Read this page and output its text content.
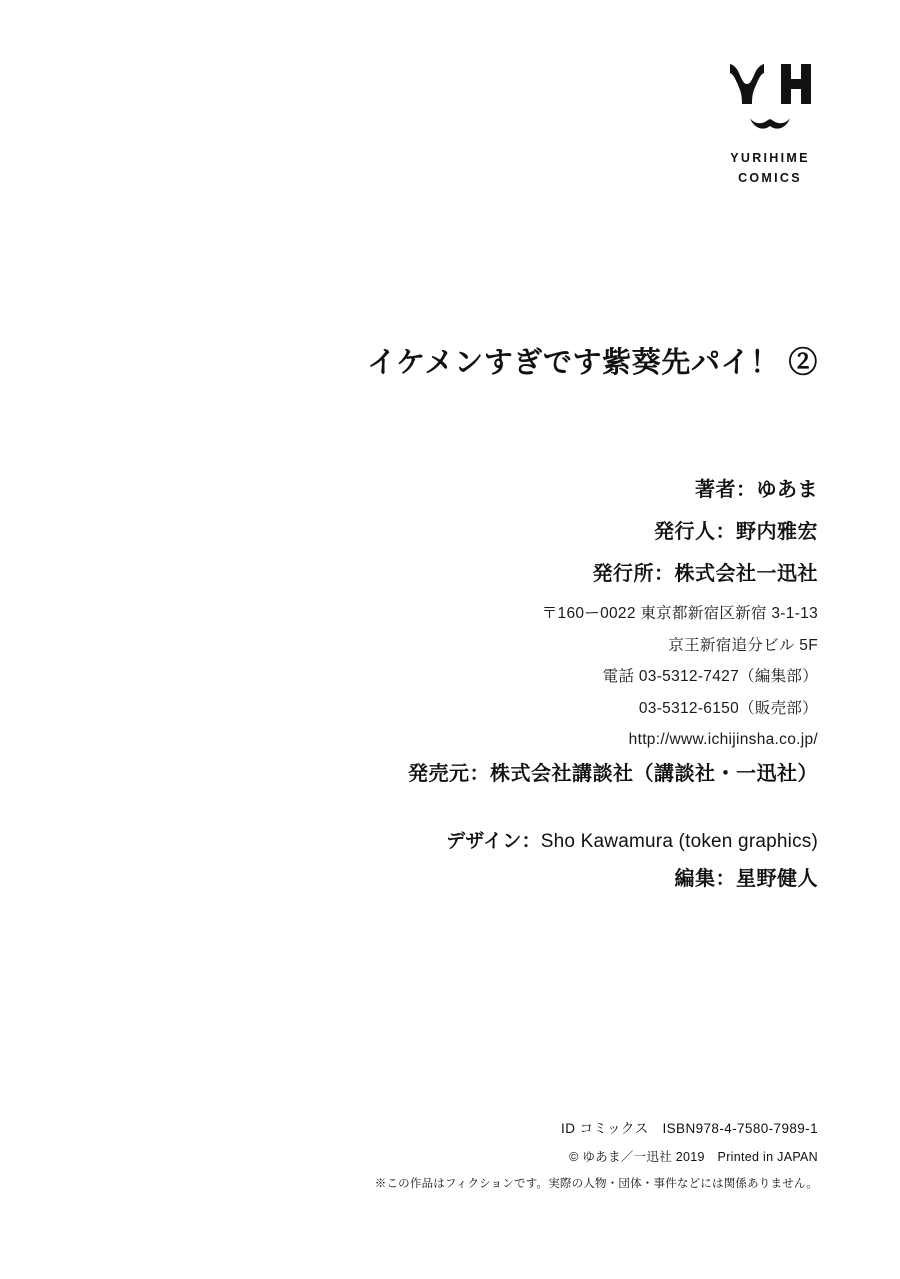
YURIHIME
COMICS
イケメンすぎです紫葵先パイ！ ②
著者：ゆあま
発行人：野内雅宏
発行所：株式会社一迅社
〒160ー0022 東京都新宿区新宿 3-1-13
京王新宿追分ビル 5F
電話 03-5312-7427（編集部）
03-5312-6150（販売部）
http://www.ichijinsha.co.jp/
発売元：株式会社講談社（講談社・一迅社）
デザイン：Sho Kawamura (token graphics)
編集：星野健人
ID コミックス　ISBN978-4-7580-7989-1
© ゆあま／一迅社 2019　Printed in JAPAN
※この作品はフィクションです。実際の人物・団体・事件などには関係ありません。
